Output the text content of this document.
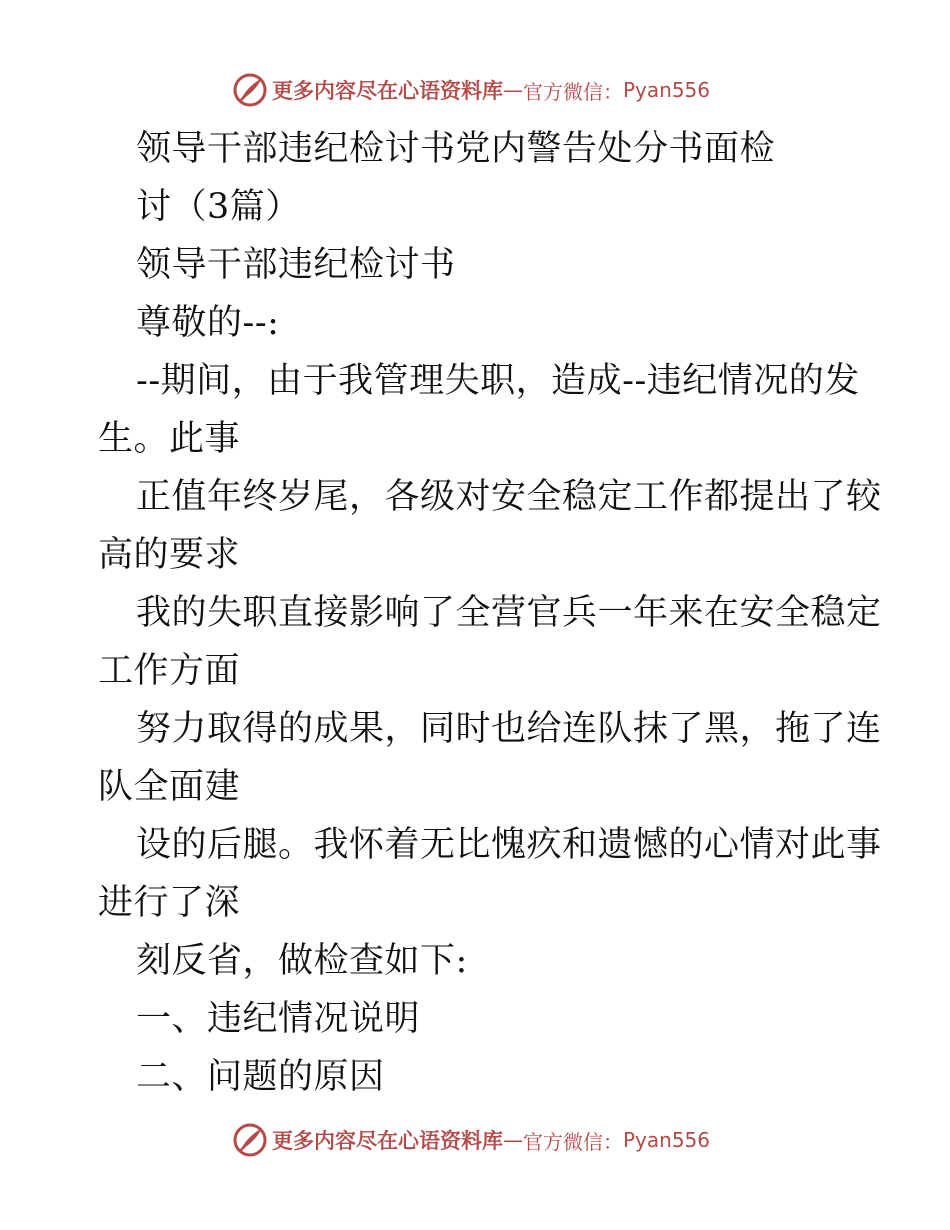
更多内容尽在心语资料库 — 官方微信： Pyan556
领导干部违纪检讨书党内警告处分书面检
讨（3篇）
领导干部违纪检讨书
尊敬的--:
--期间，由于我管理失职，造成--违纪情况的发
生。此事
正值年终岁尾，各级对安全稳定工作都提出了较
高的要求
我的失职直接影响了全营官兵一年来在安全稳定
工作方面
努力取得的成果，同时也给连队抹了黑，拖了连
队全面建
设的后腿。我怀着无比愧疚和遗憾的心情对此事
进行了深
刻反省，做检查如下:
一、违纪情况说明
二、问题的原因
更多内容尽在心语资料库 — 官方微信： Pyan556
